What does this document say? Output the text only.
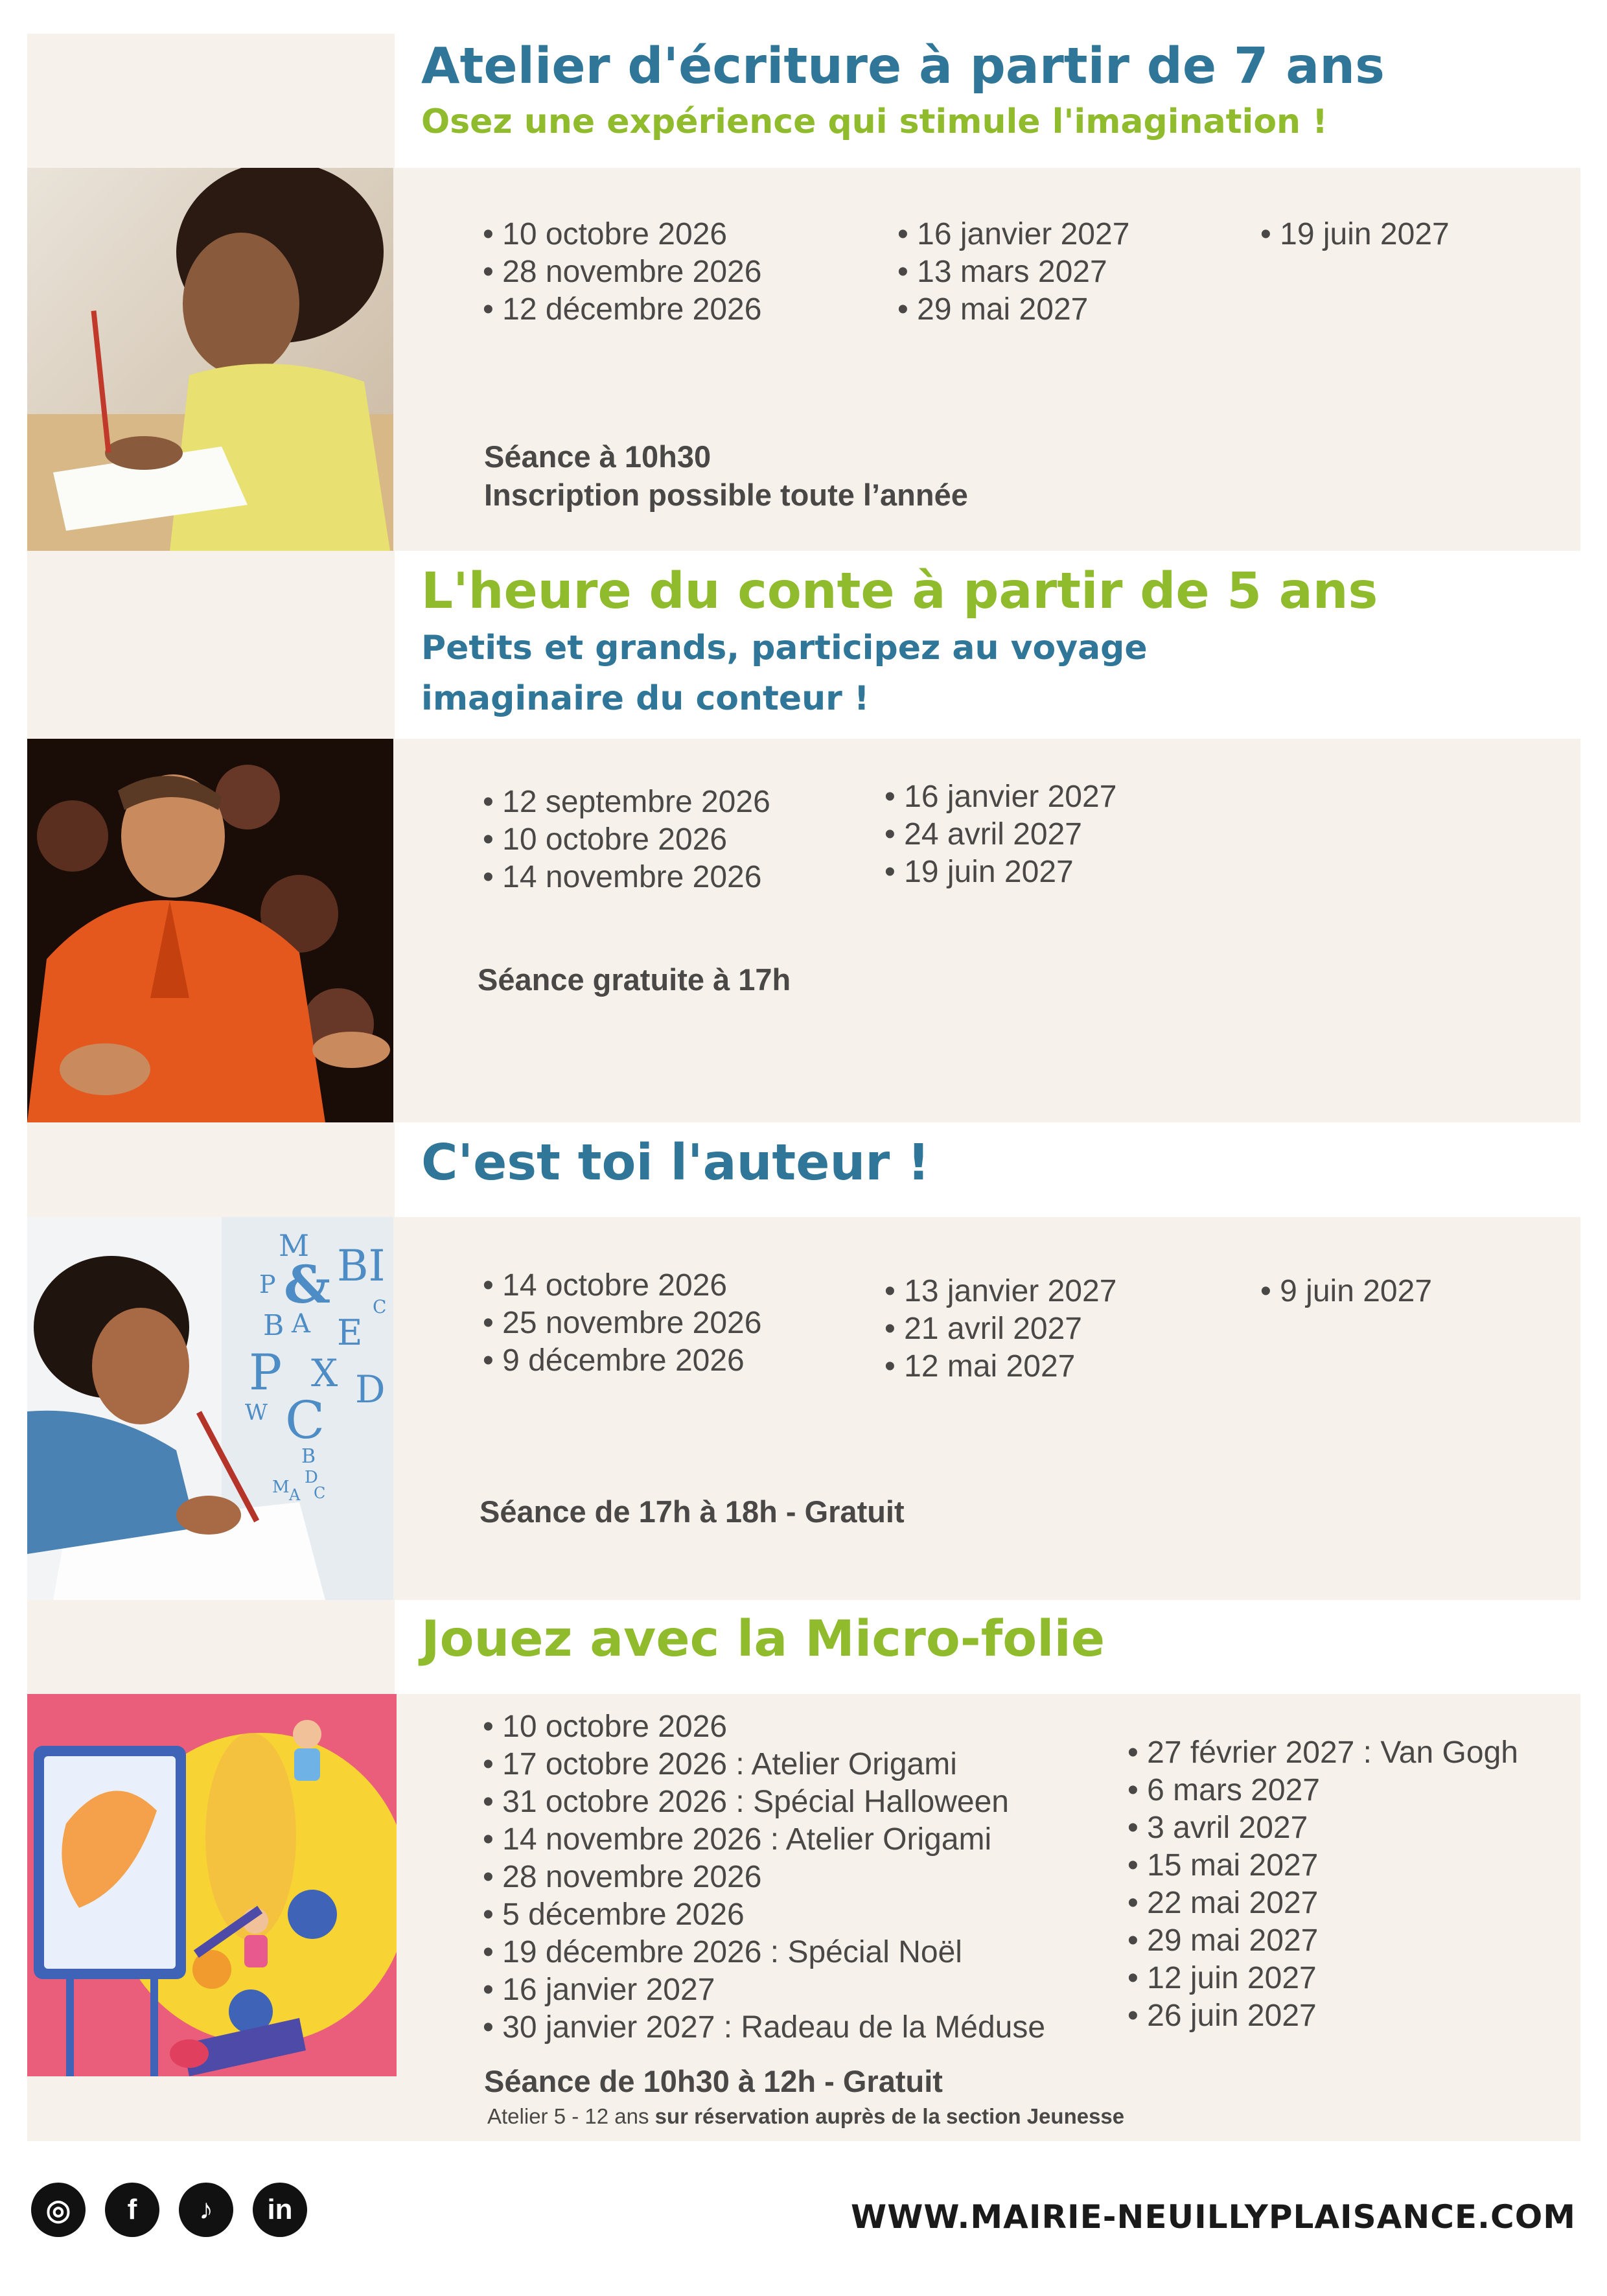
Atelier d'écriture à partir de 7 ans
Osez une expérience qui stimule l'imagination !
• 10 octobre 2026
• 28 novembre 2026
• 12 décembre 2026
• 16 janvier 2027
• 13 mars 2027
• 29 mai 2027
• 19 juin 2027

Séance à 10h30

Inscription possible toute l’année

L'heure du conte à partir de 5 ans
Petits et grands, participez au voyage
imaginaire du conteur !
• 12 septembre 2026
• 10 octobre 2026
• 14 novembre 2026
• 16 janvier 2027
• 24 avril 2027
• 19 juin 2027

Séance gratuite à 17h

M
P & BI
B A E
C
P X D
W C
B
D
M A C
C'est toi l'auteur !
• 14 octobre 2026
• 25 novembre 2026
• 9 décembre 2026
• 13 janvier 2027
• 21 avril 2027
• 12 mai 2027
• 9 juin 2027

Séance de 17h à 18h - Gratuit

Jouez avec la Micro-folie
• 10 octobre 2026
• 17 octobre 2026 : Atelier Origami
• 31 octobre 2026 : Spécial Halloween
• 14 novembre 2026 : Atelier Origami
• 28 novembre 2026
• 5 décembre 2026
• 19 décembre 2026 : Spécial Noël
• 16 janvier 2027
• 30 janvier 2027 : Radeau de la Méduse
• 27 février 2027 : Van Gogh
• 6 mars 2027
• 3 avril 2027
• 15 mai 2027
• 22 mai 2027
• 29 mai 2027
• 12 juin 2027
• 26 juin 2027

Séance de 10h30 à 12h - Gratuit

Atelier 5 - 12 ans sur réservation auprès de la section Jeunesse

◎	f	♪	in	WWW.MAIRIE-NEUILLYPLAISANCE.COM
